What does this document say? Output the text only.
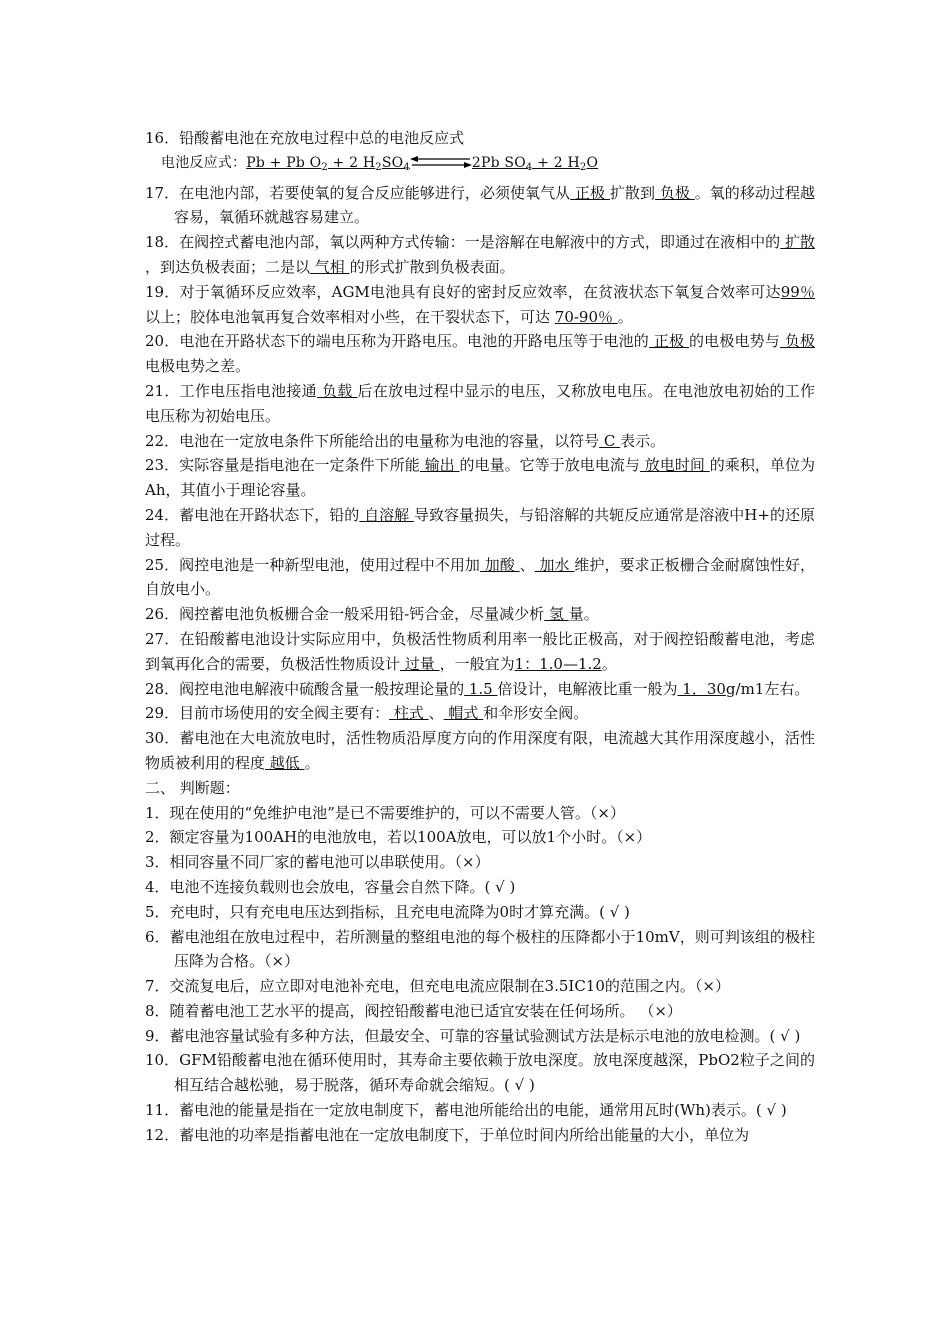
16．铅酸蓄电池在充放电过程中总的电池反应式

电池反应式：Pb + Pb $O_2 + 2$ $H_2SO_4$	2Pb $SO_4 + 2$ $H_2O$

17．在电池内部，若要使氧的复合反应能够进行，必须使氧气从 正极 扩散到 负极 。氧的移动过程越容易，氧循环就越容易建立。

18．在阀控式蓄电池内部，氧以两种方式传输：一是溶解在电解液中的方式，即通过在液相中的 扩散 ，到达负极表面；二是以 气相 的形式扩散到负极表面。

19．对于氧循环反应效率，AGM电池具有良好的密封反应效率，在贫液状态下氧复合效率可达99％ 以上；胶体电池氧再复合效率相对小些，在干裂状态下，可达 70-90％ 。

20．电池在开路状态下的端电压称为开路电压。电池的开路电压等于电池的 正极 的电极电势与 负极 电极电势之差。

21．工作电压指电池接通 负载 后在放电过程中显示的电压，又称放电电压。在电池放电初始的工作电压称为初始电压。

22．电池在一定放电条件下所能给出的电量称为电池的容量，以符号 C 表示。

23．实际容量是指电池在一定条件下所能 输出 的电量。它等于放电电流与 放电时间 的乘积，单位为Ah，其值小于理论容量。

24．蓄电池在开路状态下，铅的 自溶解 导致容量损失，与铅溶解的共轭反应通常是溶液中H+的还原过程。

25．阀控电池是一种新型电池，使用过程中不用加 加酸 、 加水 维护，要求正板栅合金耐腐蚀性好，自放电小。

26．阀控蓄电池负板栅合金一般采用铅-钙合金，尽量减少析 氢 量。

27．在铅酸蓄电池设计实际应用中，负极活性物质利用率一般比正极高，对于阀控铅酸蓄电池，考虑到氧再化合的需要，负极活性物质设计 过量 ，一般宜为1：1.0—1.2。

28．阀控电池电解液中硫酸含量一般按理论量的 1.5 倍设计，电解液比重一般为 1．30g/m1左右。

29．目前市场使用的安全阀主要有： 柱式 、 帽式 和伞形安全阀。

30．蓄电池在大电流放电时，活性物质沿厚度方向的作用深度有限，电流越大其作用深度越小，活性物质被利用的程度 越低 。

二、 判断题：

1．现在使用的“免维护电池”是已不需要维护的，可以不需要人管。（×）

2．额定容量为100AH的电池放电，若以100A放电，可以放1个小时。（×）

3．相同容量不同厂家的蓄电池可以串联使用。（×）

4．电池不连接负载则也会放电，容量会自然下降。( √ )

5．充电时，只有充电电压达到指标，且充电电流降为0时才算充满。( √ )

6．蓄电池组在放电过程中，若所测量的整组电池的每个极柱的压降都小于10mV，则可判该组的极柱压降为合格。（×）

7．交流复电后，应立即对电池补充电，但充电电流应限制在3.5IC10的范围之内。（×）

8．随着蓄电池工艺水平的提高，阀控铅酸蓄电池已适宜安装在任何场所。 （×）

9．蓄电池容量试验有多种方法，但最安全、可靠的容量试验测试方法是标示电池的放电检测。( √ )

10．GFM铅酸蓄电池在循环使用时，其寿命主要依赖于放电深度。放电深度越深，PbO2粒子之间的相互结合越松驰，易于脱落，循环寿命就会缩短。( √ )

11．蓄电池的能量是指在一定放电制度下，蓄电池所能给出的电能，通常用瓦时(Wh)表示。( √ )

12．蓄电池的功率是指蓄电池在一定放电制度下，于单位时间内所给出能量的大小，单位为
